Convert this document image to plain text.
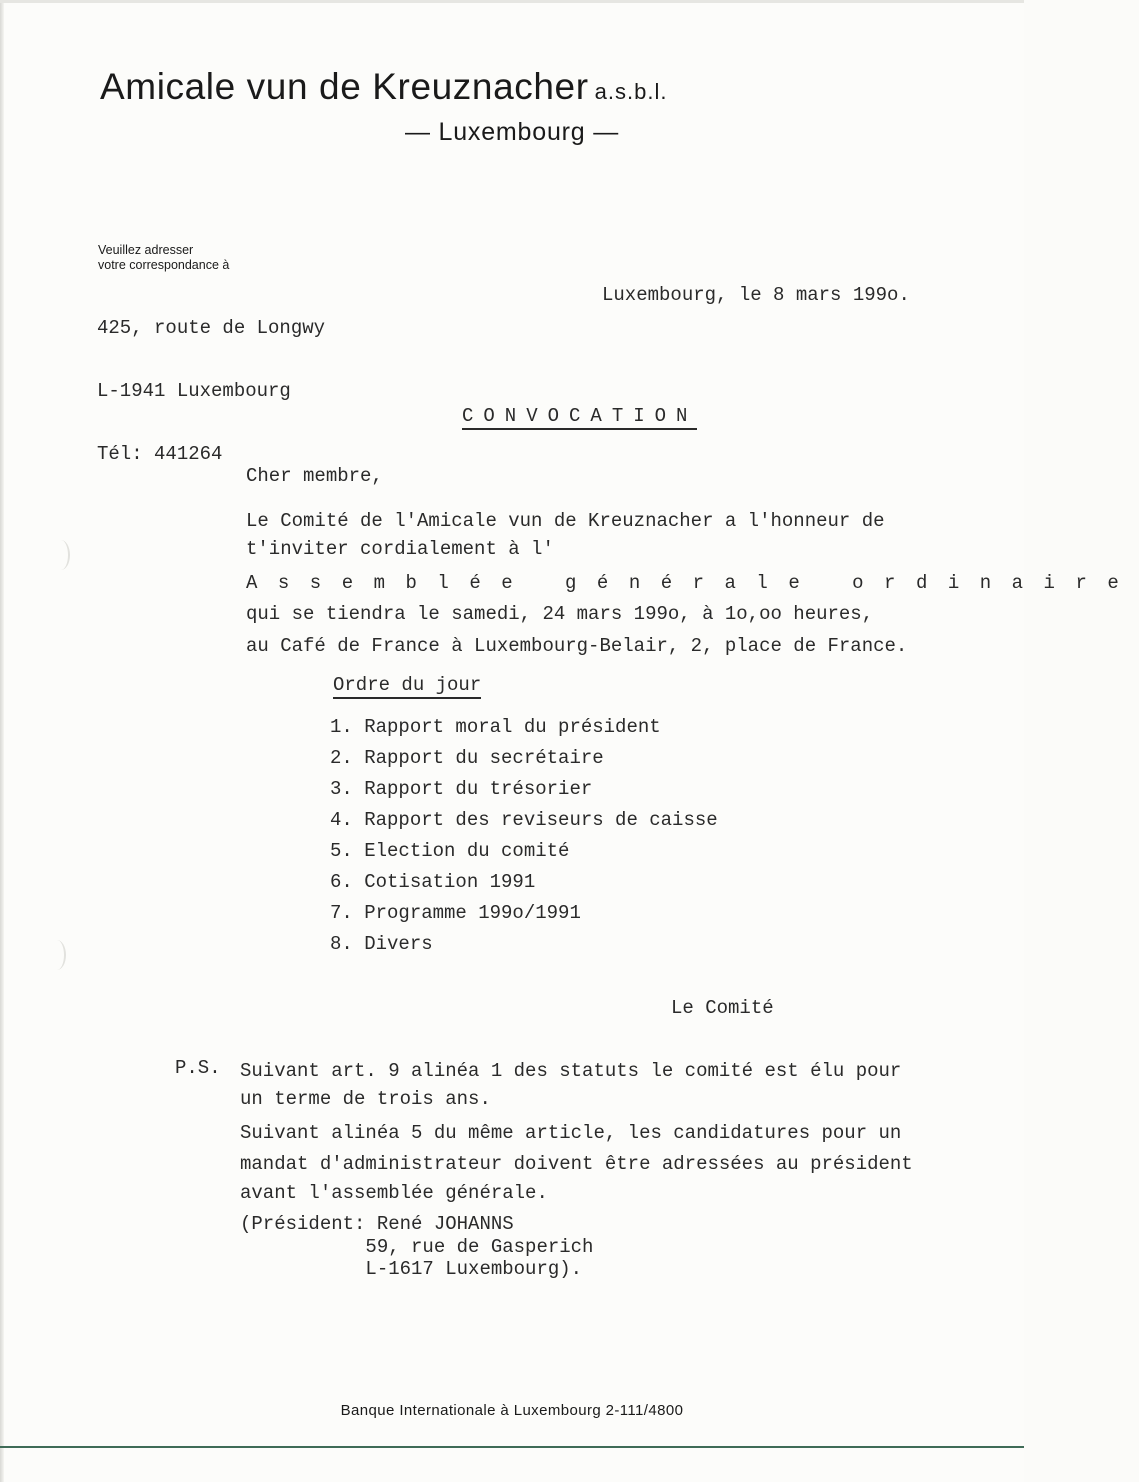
Amicale vun de Kreuznacher a.s.b.l.
— Luxembourg —
Veuillez adresser
votre correspondance à

425, route de Longwy

L-1941 Luxembourg

Tél: 441264

Luxembourg, le 8 mars 199o.
CONVOCATION
Cher membre,
Le Comité de l'Amicale vun de Kreuznacher a l'honneur de
t'inviter cordialement à l'
Assemblée générale ordinaire
qui se tiendra le samedi, 24 mars 199o, à 1o,oo heures,
au Café de France à Luxembourg-Belair, 2, place de France.
Ordre du jour
1. Rapport moral du président
2. Rapport du secrétaire
3. Rapport du trésorier
4. Rapport des reviseurs de caisse
5. Election du comité
6. Cotisation 1991
7. Programme 199o/1991
8. Divers
Le Comité
P.S. Suivant art. 9 alinéa 1 des statuts le comité est élu pour
un terme de trois ans.
Suivant alinéa 5 du même article, les candidatures pour un
mandat d'administrateur doivent être adressées au président
avant l'assemblée générale.
(Président: René JOHANNS
59, rue de Gasperich
L-1617 Luxembourg).
Banque Internationale à Luxembourg 2-111/4800
